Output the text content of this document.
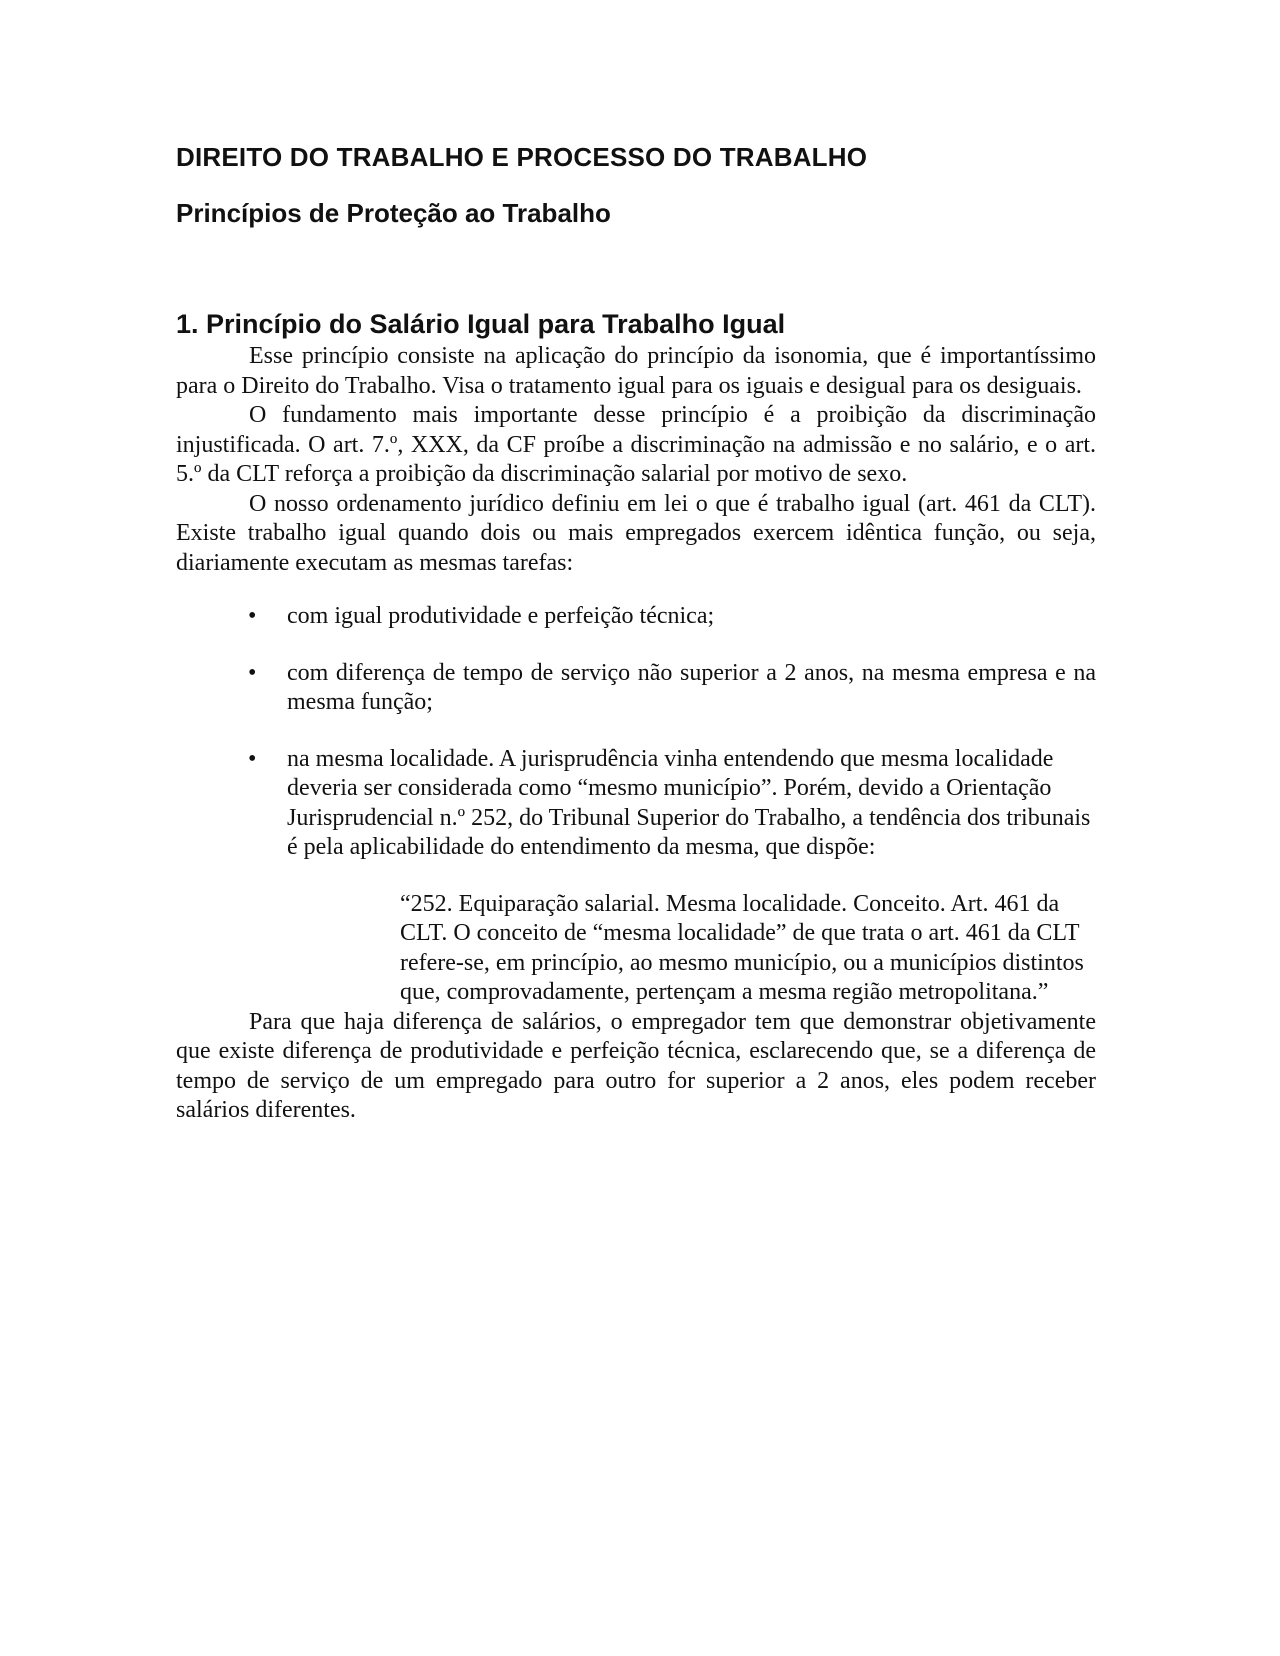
DIREITO DO TRABALHO E PROCESSO DO TRABALHO
Princípios de Proteção ao Trabalho
1. Princípio do Salário Igual para Trabalho Igual

Esse princípio consiste na aplicação do princípio da isonomia, que é importantíssimo para o Direito do Trabalho. Visa o tratamento igual para os iguais e desigual para os desiguais.

O fundamento mais importante desse princípio é a proibição da discriminação injustificada. O art. 7.º, XXX, da CF proíbe a discriminação na admissão e no salário, e o art. 5.º da CLT reforça a proibição da discriminação salarial por motivo de sexo.

O nosso ordenamento jurídico definiu em lei o que é trabalho igual (art. 461 da CLT). Existe trabalho igual quando dois ou mais empregados exercem idêntica função, ou seja, diariamente executam as mesmas tarefas:

•	com igual produtividade e perfeição técnica;
•	com diferença de tempo de serviço não superior a 2 anos, na mesma empresa e na mesma função;
•	na mesma localidade. A jurisprudência vinha entendendo que mesma localidade deveria ser considerada como “mesmo município”. Porém, devido a Orientação Jurisprudencial n.º 252, do Tribunal Superior do Trabalho, a tendência dos tribunais é pela aplicabilidade do entendimento da mesma, que dispõe:
“252. Equiparação salarial. Mesma localidade. Conceito. Art. 461 da CLT. O conceito de “mesma localidade” de que trata o art. 461 da CLT refere-se, em princípio, ao mesmo município, ou a municípios distintos que, comprovadamente, pertençam a mesma região metropolitana.”

Para que haja diferença de salários, o empregador tem que demonstrar objetivamente que existe diferença de produtividade e perfeição técnica, esclarecendo que, se a diferença de tempo de serviço de um empregado para outro for superior a 2 anos, eles podem receber salários diferentes.
